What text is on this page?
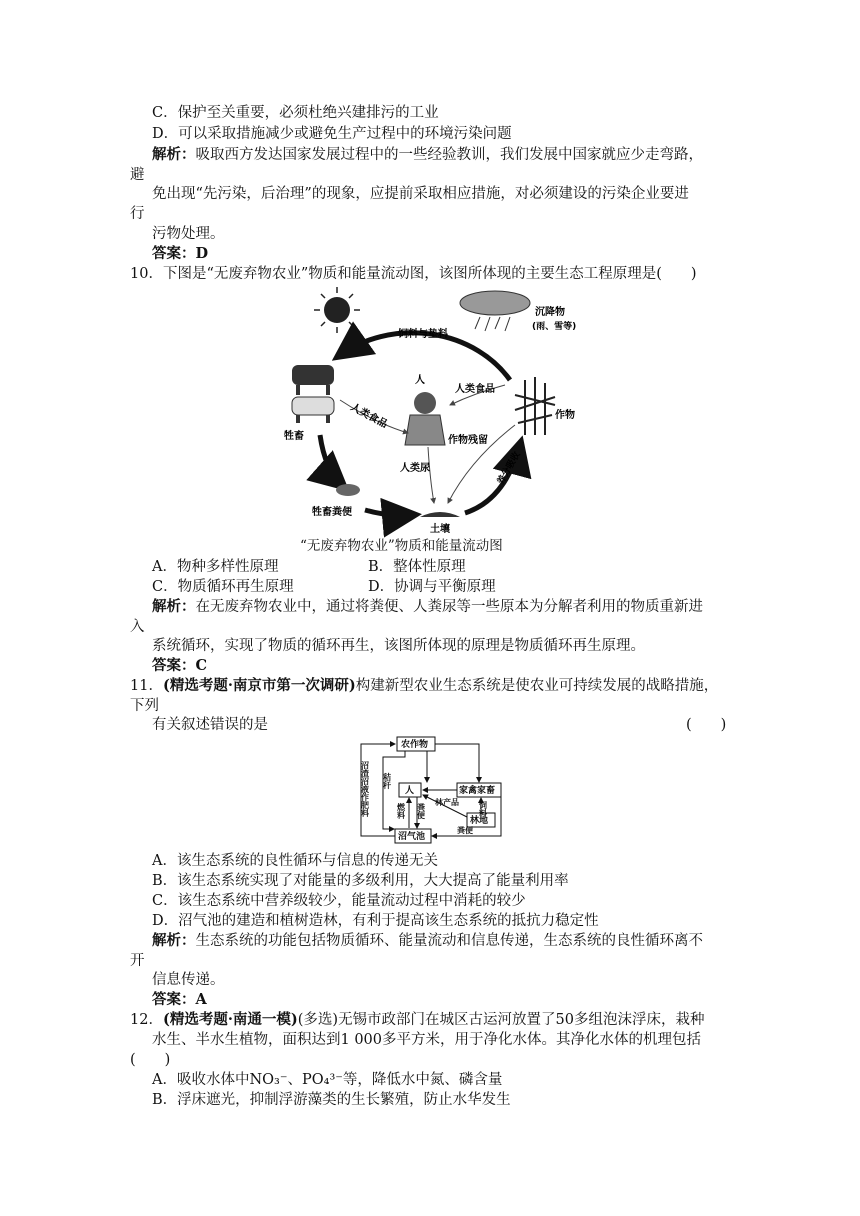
C．保护至关重要，必须杜绝兴建排污的工业
D．可以采取措施减少或避免生产过程中的环境污染问题
解析：吸取西方发达国家发展过程中的一些经验教训，我们发展中国家就应少走弯路，
避
免出现“先污染，后治理”的现象，应提前采取相应措施，对必须建设的污染企业要进
行
污物处理。
答案：D
10．下图是“无废弃物农业”物质和能量流动图，该图所体现的主要生态工程原理是(　　)
沉降物
(雨、雪等)
饲料与垫料
养分吸收
牲畜
人
作物
人类食品
人类食品
作物残留
人类尿
牲畜粪便
土壤
“无废弃物农业”物质和能量流动图
A．物种多样性原理	B．整体性原理
C．物质循环再生原理	D．协调与平衡原理
解析：在无废弃物农业中，通过将粪便、人粪尿等一些原本为分解者利用的物质重新进
入
系统循环，实现了物质的循环再生，该图所体现的原理是物质循环再生原理。
答案：C
11．(精选考题·南京市第一次调研)构建新型农业生态系统是使农业可持续发展的战略措施，
下列
有关叙述错误的是	(　　)
农作物
人	家禽家畜
林地
沼气池
沼渣沼液作肥料 秸秆
燃料 粪便
林产品 饲料
粪便
A．该生态系统的良性循环与信息的传递无关
B．该生态系统实现了对能量的多级利用，大大提高了能量利用率
C．该生态系统中营养级较少，能量流动过程中消耗的较少
D．沼气池的建造和植树造林，有利于提高该生态系统的抵抗力稳定性
解析：生态系统的功能包括物质循环、能量流动和信息传递，生态系统的良性循环离不
开
信息传递。
答案：A
12．(精选考题·南通一模)(多选)无锡市政部门在城区古运河放置了50多组泡沫浮床，栽种
水生、半水生植物，面积达到1 000多平方米，用于净化水体。其净化水体的机理包括
(　　)
A．吸收水体中NO₃⁻、PO₄³⁻等，降低水中氮、磷含量
B．浮床遮光，抑制浮游藻类的生长繁殖，防止水华发生
